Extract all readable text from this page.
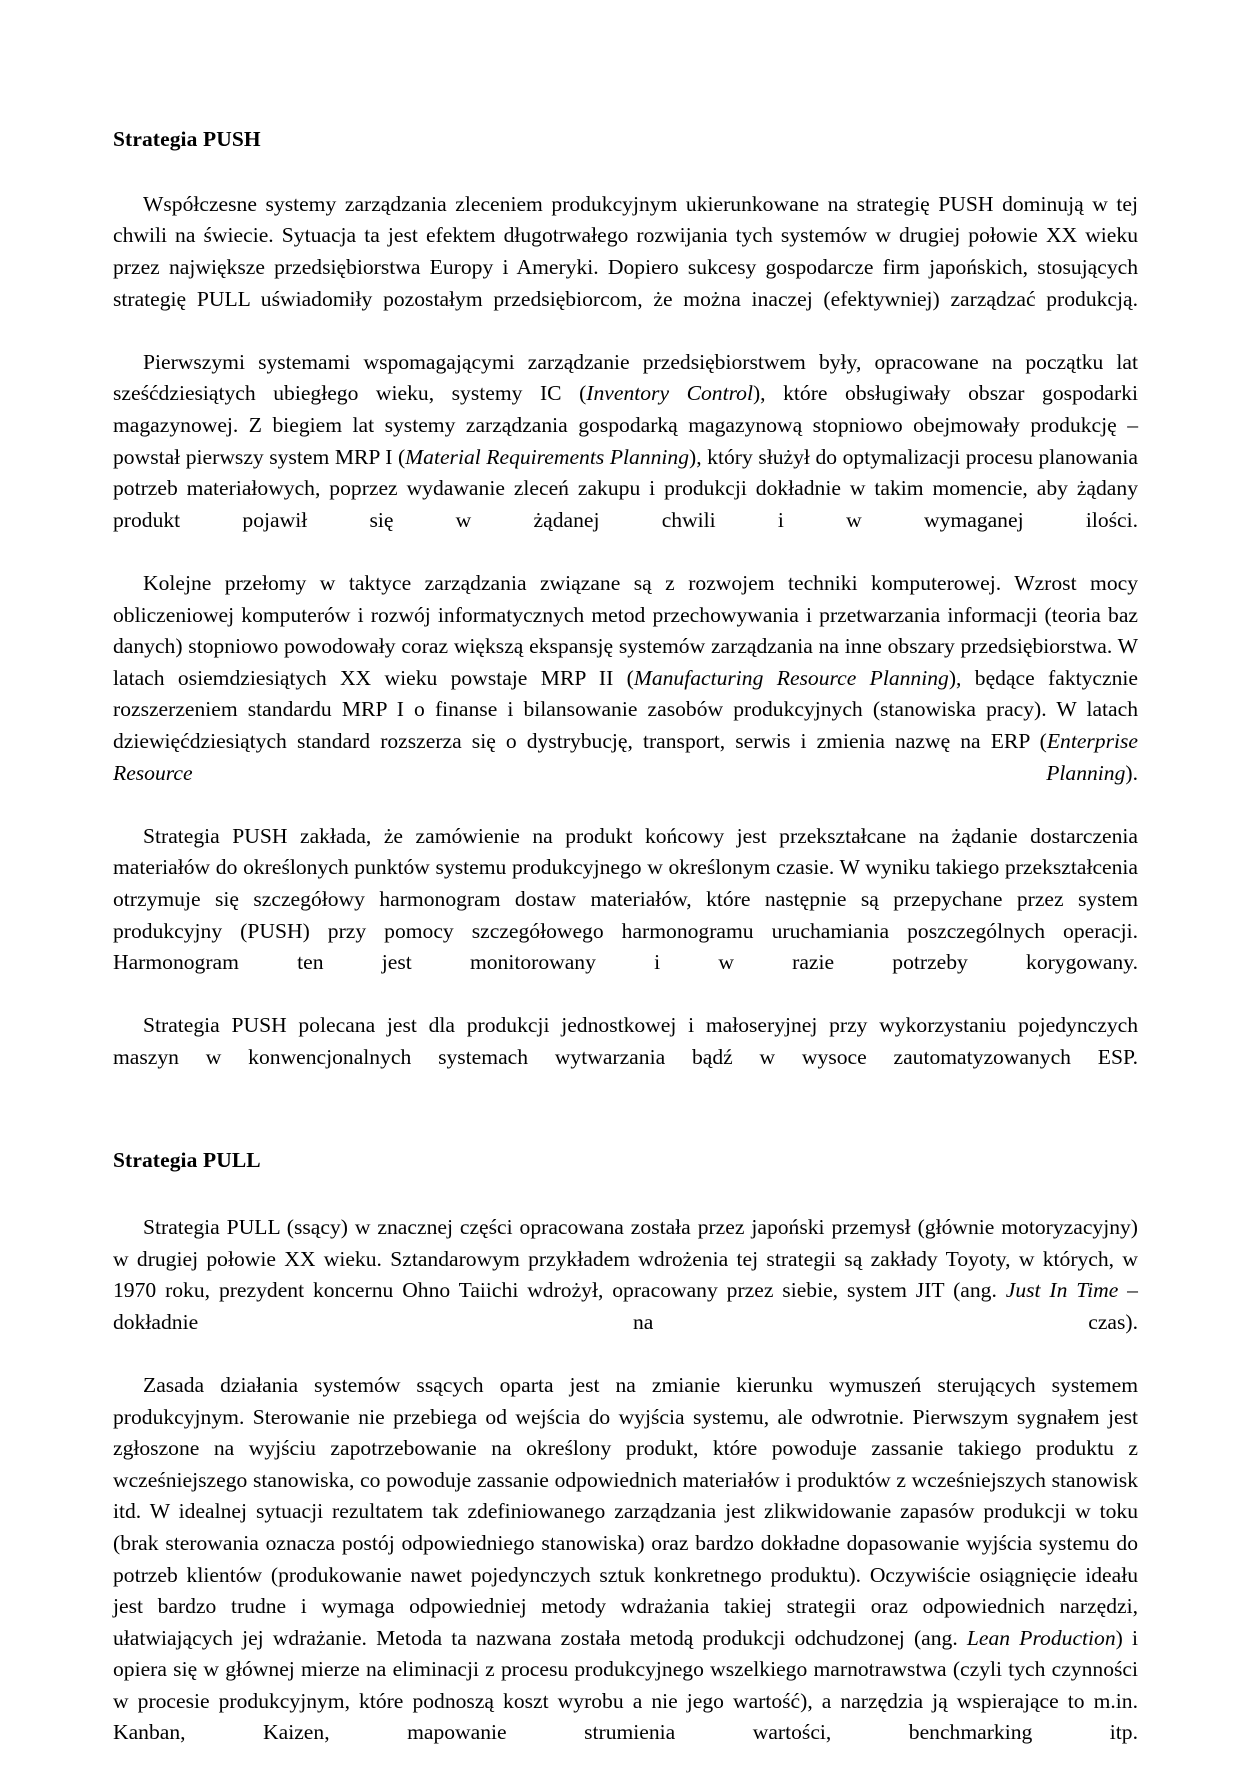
Strategia PUSH

Współczesne systemy zarządzania zleceniem produkcyjnym ukierunkowane na strategię PUSH dominują w tej chwili na świecie. Sytuacja ta jest efektem długotrwałego rozwijania tych systemów w drugiej połowie XX wieku przez największe przedsiębiorstwa Europy i Ameryki. Dopiero sukcesy gospodarcze firm japońskich, stosujących strategię PULL uświadomiły pozostałym przedsiębiorcom, że można inaczej (efektywniej) zarządzać produkcją.

Pierwszymi systemami wspomagającymi zarządzanie przedsiębiorstwem były, opracowane na początku lat sześćdziesiątych ubiegłego wieku, systemy IC (Inventory Control), które obsługiwały obszar gospodarki magazynowej. Z biegiem lat systemy zarządzania gospodarką magazynową stopniowo obejmowały produkcję – powstał pierwszy system MRP I (Material Requirements Planning), który służył do optymalizacji procesu planowania potrzeb materiałowych, poprzez wydawanie zleceń zakupu i produkcji dokładnie w takim momencie, aby żądany produkt pojawił się w żądanej chwili i w wymaganej ilości.

Kolejne przełomy w taktyce zarządzania związane są z rozwojem techniki komputerowej. Wzrost mocy obliczeniowej komputerów i rozwój informatycznych metod przechowywania i przetwarzania informacji (teoria baz danych) stopniowo powodowały coraz większą ekspansję systemów zarządzania na inne obszary przedsiębiorstwa. W latach osiemdziesiątych XX wieku powstaje MRP II (Manufacturing Resource Planning), będące faktycznie rozszerzeniem standardu MRP I o finanse i bilansowanie zasobów produkcyjnych (stanowiska pracy). W latach dziewięćdziesiątych standard rozszerza się o dystrybucję, transport, serwis i zmienia nazwę na ERP (Enterprise Resource Planning).

Strategia PUSH zakłada, że zamówienie na produkt końcowy jest przekształcane na żądanie dostarczenia materiałów do określonych punktów systemu produkcyjnego w określonym czasie. W wyniku takiego przekształcenia otrzymuje się szczegółowy harmonogram dostaw materiałów, które następnie są przepychane przez system produkcyjny (PUSH) przy pomocy szczegółowego harmonogramu uruchamiania poszczególnych operacji. Harmonogram ten jest monitorowany i w razie potrzeby korygowany.

Strategia PUSH polecana jest dla produkcji jednostkowej i małoseryjnej przy wykorzystaniu pojedynczych maszyn w konwencjonalnych systemach wytwarzania bądź w wysoce zautomatyzowanych ESP.

Strategia PULL

Strategia PULL (ssący) w znacznej części opracowana została przez japoński przemysł (głównie motoryzacyjny) w drugiej połowie XX wieku. Sztandarowym przykładem wdrożenia tej strategii są zakłady Toyoty, w których, w 1970 roku, prezydent koncernu Ohno Taiichi wdrożył, opracowany przez siebie, system JIT (ang. Just In Time – dokładnie na czas).

Zasada działania systemów ssących oparta jest na zmianie kierunku wymuszeń sterujących systemem produkcyjnym. Sterowanie nie przebiega od wejścia do wyjścia systemu, ale odwrotnie. Pierwszym sygnałem jest zgłoszone na wyjściu zapotrzebowanie na określony produkt, które powoduje zassanie takiego produktu z wcześniejszego stanowiska, co powoduje zassanie odpowiednich materiałów i produktów z wcześniejszych stanowisk itd. W idealnej sytuacji rezultatem tak zdefiniowanego zarządzania jest zlikwidowanie zapasów produkcji w toku (brak sterowania oznacza postój odpowiedniego stanowiska) oraz bardzo dokładne dopasowanie wyjścia systemu do potrzeb klientów (produkowanie nawet pojedynczych sztuk konkretnego produktu). Oczywiście osiągnięcie ideału jest bardzo trudne i wymaga odpowiedniej metody wdrażania takiej strategii oraz odpowiednich narzędzi, ułatwiających jej wdrażanie. Metoda ta nazwana została metodą produkcji odchudzonej (ang. Lean Production) i opiera się w głównej mierze na eliminacji z procesu produkcyjnego wszelkiego marnotrawstwa (czyli tych czynności w procesie produkcyjnym, które podnoszą koszt wyrobu a nie jego wartość), a narzędzia ją wspierające to m.in. Kanban, Kaizen, mapowanie strumienia wartości, benchmarking itp.
